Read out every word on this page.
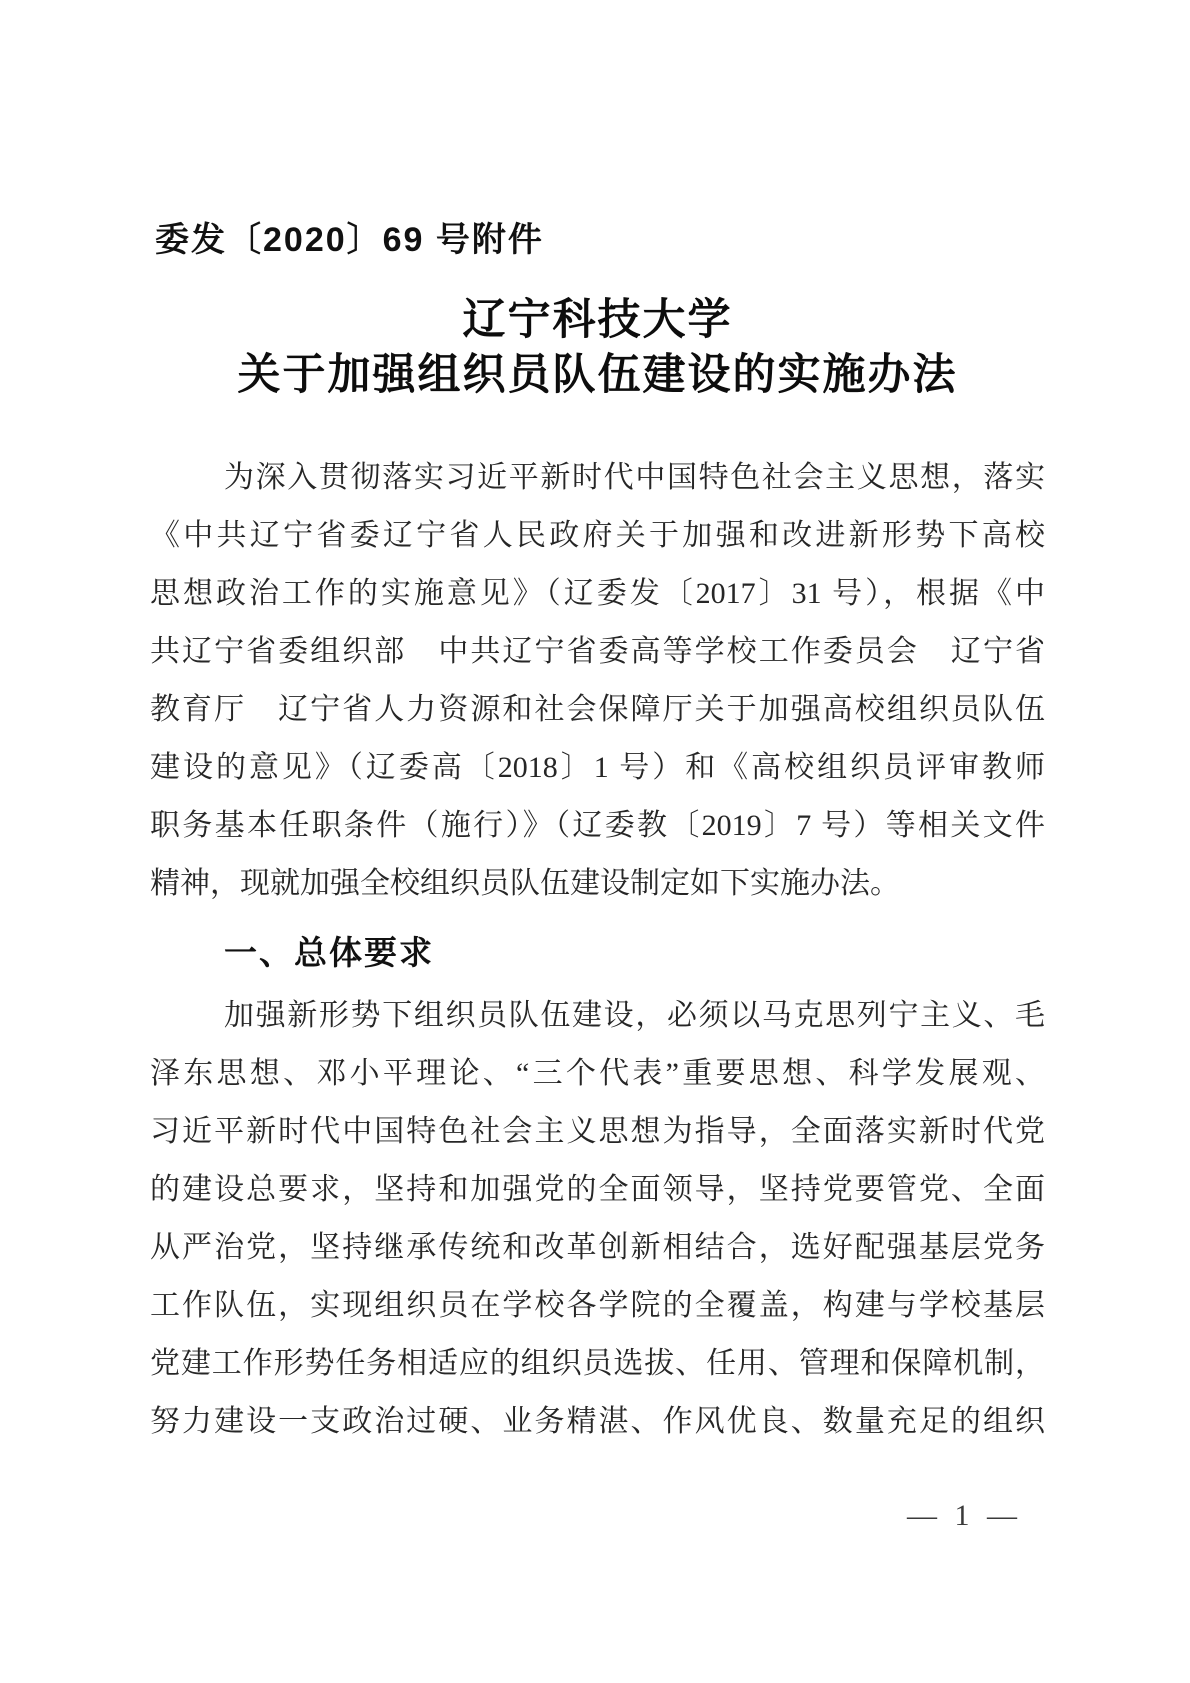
委发〔2020〕69 号附件
辽宁科技大学
关于加强组织员队伍建设的实施办法
为深入贯彻落实习近平新时代中国特色社会主义思想，落实
《中共辽宁省委辽宁省人民政府关于加强和改进新形势下高校
思想政治工作的实施意见》（辽委发〔2017〕31 号），根据《中
共辽宁省委组织部　中共辽宁省委高等学校工作委员会　辽宁省
教育厅　辽宁省人力资源和社会保障厅关于加强高校组织员队伍
建设的意见》（辽委高〔2018〕1 号）和《高校组织员评审教师
职务基本任职条件（施行）》（辽委教〔2019〕7 号）等相关文件
精神，现就加强全校组织员队伍建设制定如下实施办法。
一、总体要求
加强新形势下组织员队伍建设，必须以马克思列宁主义、毛
泽东思想、邓小平理论、“三个代表”重要思想、科学发展观、
习近平新时代中国特色社会主义思想为指导，全面落实新时代党
的建设总要求，坚持和加强党的全面领导，坚持党要管党、全面
从严治党，坚持继承传统和改革创新相结合，选好配强基层党务
工作队伍，实现组织员在学校各学院的全覆盖，构建与学校基层
党建工作形势任务相适应的组织员选拔、任用、管理和保障机制，
努力建设一支政治过硬、业务精湛、作风优良、数量充足的组织
— 1 —
